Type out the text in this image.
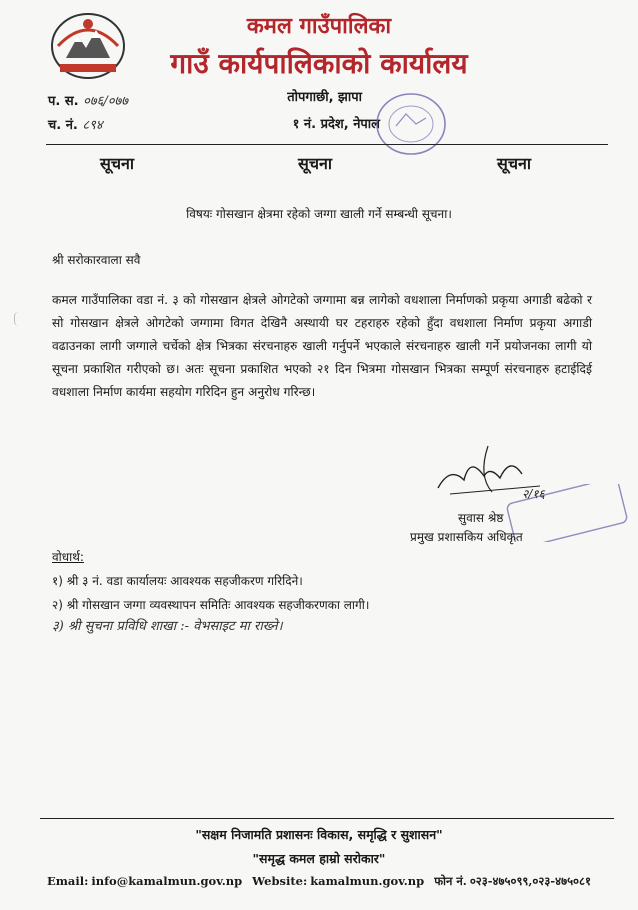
कमल गाउँपालिका
गाउँ कार्यपालिकाको कार्यालय
तोपगाछी, झापा
१ नं. प्रदेश, नेपाल
प. स. ०७६/०७७
च. नं. ८९४
सूचना	सूचना	सूचना
विषयः गोसखान क्षेत्रमा रहेको जग्गा खाली गर्ने सम्बन्धी सूचना।
श्री सरोकारवाला सवै
कमल गाउँपालिका वडा नं. ३ को गोसखान क्षेत्रले ओगटेको जग्गामा बन्न लागेको वधशाला निर्माणको प्रकृया अगाडी बढेको र सो गोसखान क्षेत्रले ओगटेको जग्गामा विगत देखिनै अस्थायी घर टहराहरु रहेको हुँदा वधशाला निर्माण प्रकृया अगाडी वढाउनका लागी जग्गाले चर्चेको क्षेत्र भित्रका संरचनाहरु खाली गर्नुपर्ने भएकाले संरचनाहरु खाली गर्ने प्रयोजनका लागी यो सूचना प्रकाशित गरीएको छ। अतः सूचना प्रकाशित भएको २१ दिन भित्रमा गोसखान भित्रका सम्पूर्ण संरचनाहरु हटाईदिई वधशाला निर्माण कार्यमा सहयोग गरिदिन हुन अनुरोध गरिन्छ।
२/१६
सुवास श्रेष्ठ
प्रमुख प्रशासकिय अधिकृत
वोधार्थ:
१) श्री ३ नं. वडा कार्यालयः आवश्यक सहजीकरण गरिदिने।
२) श्री गोसखान जग्गा व्यवस्थापन समितिः आवश्यक सहजीकरणका लागी।
३) श्री सुचना प्रविधि शाखा :- वेभसाइट मा राख्ने।
"सक्षम निजामति प्रशासनः विकास, समृद्धि र सुशासन"
"समृद्ध कमल हाम्रो सरोकार"
Email: info@kamalmun.gov.np Website: kamalmun.gov.np फोन नं. ०२३-४७५०९९,०२३-४७५०८१
